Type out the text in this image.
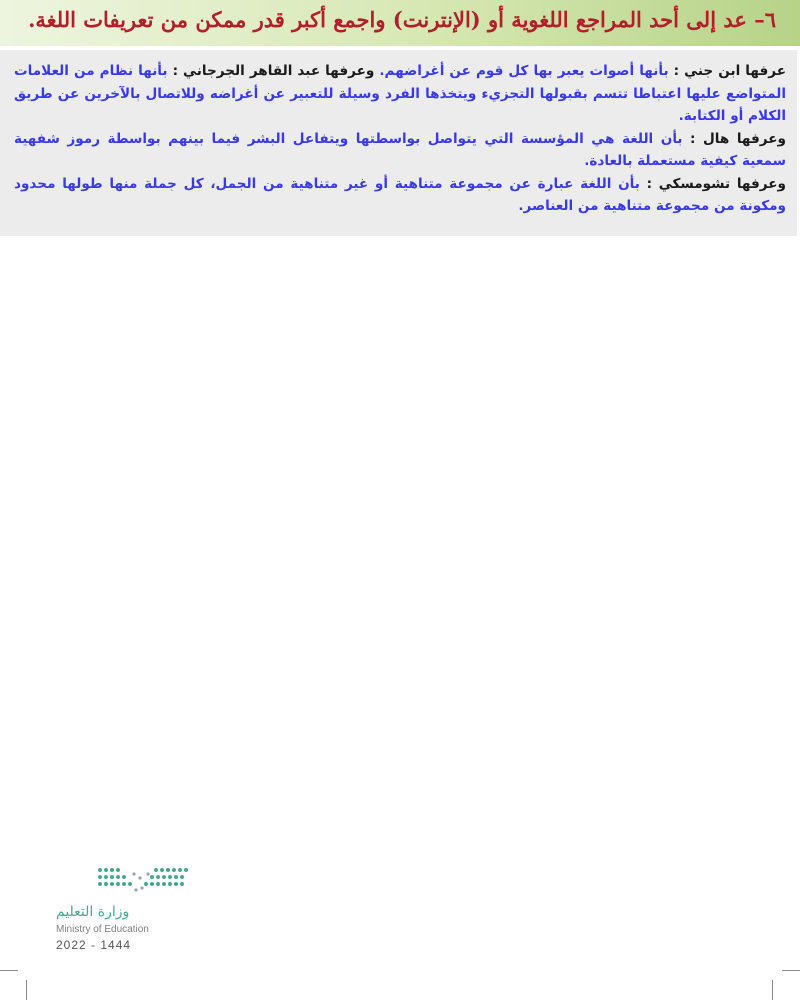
٦– عد إلى أحد المراجع اللغوية أو (الإنترنت) واجمع أكبر قدر ممكن من تعريفات اللغة.

عرفها ابن جني : بأنها أصوات يعبر بها كل قوم عن أغراضهم. وعرفها عبد القاهر الجرجاني : بأنها نظام من العلامات المتواضع عليها اعتباطا تتسم بقبولها التجزيء ويتخذها الفرد وسيلة للتعبير عن أغراضه وللاتصال بالآخرين عن طريق الكلام أو الكتابة.

وعرفها هال : بأن اللغة هي المؤسسة التي يتواصل بواسطتها ويتفاعل البشر فيما بينهم بواسطة رموز شفهية سمعية كيفية مستعملة بالعادة.

وعرفها تشومسكي : بأن اللغة عبارة عن مجموعة متناهية أو غير متناهية من الجمل، كل جملة منها طولها محدود ومكونة من مجموعة متناهية من العناصر.

وزارة التعليم
Ministry of Education
2022 - 1444
